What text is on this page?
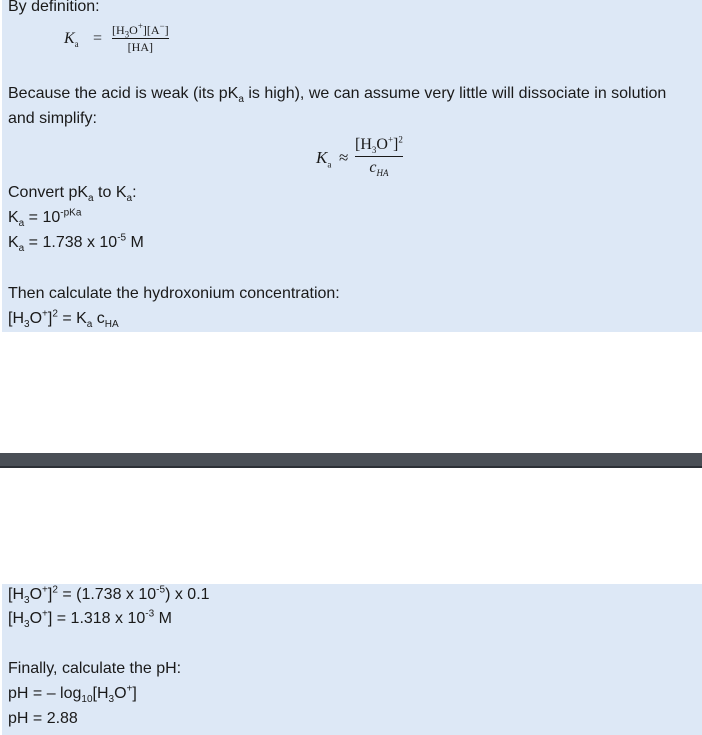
By definition:
$K_a = \frac{[H_3O^+][A^-]}{[HA]}$
Because the acid is weak (its $pK_a$ is high), we can assume very little will dissociate in solution
and simplify:
$K_a$ ≈
$[H_3O^+]^2$
$c_{HA}$
Convert $pK_a$ to $K_a$:
$K_a = 10^{-pKa}$
$K_a = 1.738$ x $10^{-5}$ M
Then calculate the hydroxonium concentration:
$[H_3O^+]^2 = K_a$ $c_{HA}$
$[H_3O^+]^2 = (1.738$ x $10^{-5}$) x 0.1
$[H_3O^+] = 1.318$ x $10^{-3}$ M
Finally, calculate the pH:
pH = – $\log_{10}[H_3O^+]$
pH = 2.88
